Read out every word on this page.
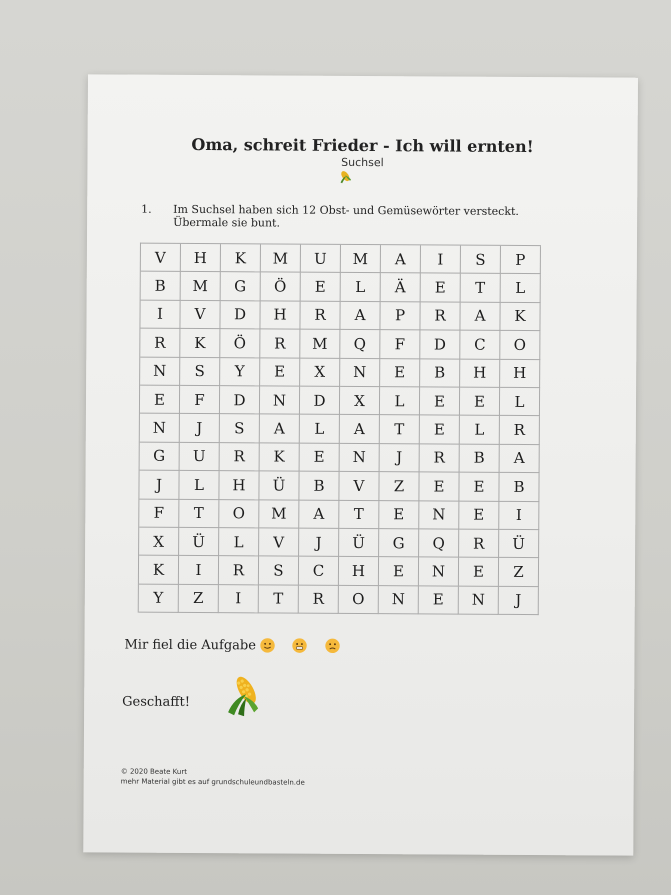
Oma, schreit Frieder - Ich will ernten!
Suchsel
1. Im Suchsel haben sich 12 Obst- und Gemüsewörter versteckt.
Übermale sie bunt.
V	H	K	M	U	M	A	I	S	P
B	M	G	Ö	E	L	Ä	E	T	L
I	V	D	H	R	A	P	R	A	K
R	K	Ö	R	M	Q	F	D	C	O
N	S	Y	E	X	N	E	B	H	H
E	F	D	N	D	X	L	E	E	L
N	J	S	A	L	A	T	E	L	R
G	U	R	K	E	N	J	R	B	A
J	L	H	Ü	B	V	Z	E	E	B
F	T	O	M	A	T	E	N	E	I
X	Ü	L	V	J	Ü	G	Q	R	Ü
K	I	R	S	C	H	E	N	E	Z
Y	Z	I	T	R	O	N	E	N	J
Mir fiel die Aufgabe
Geschafft!
© 2020 Beate Kurt
mehr Material gibt es auf grundschuleundbasteln.de
